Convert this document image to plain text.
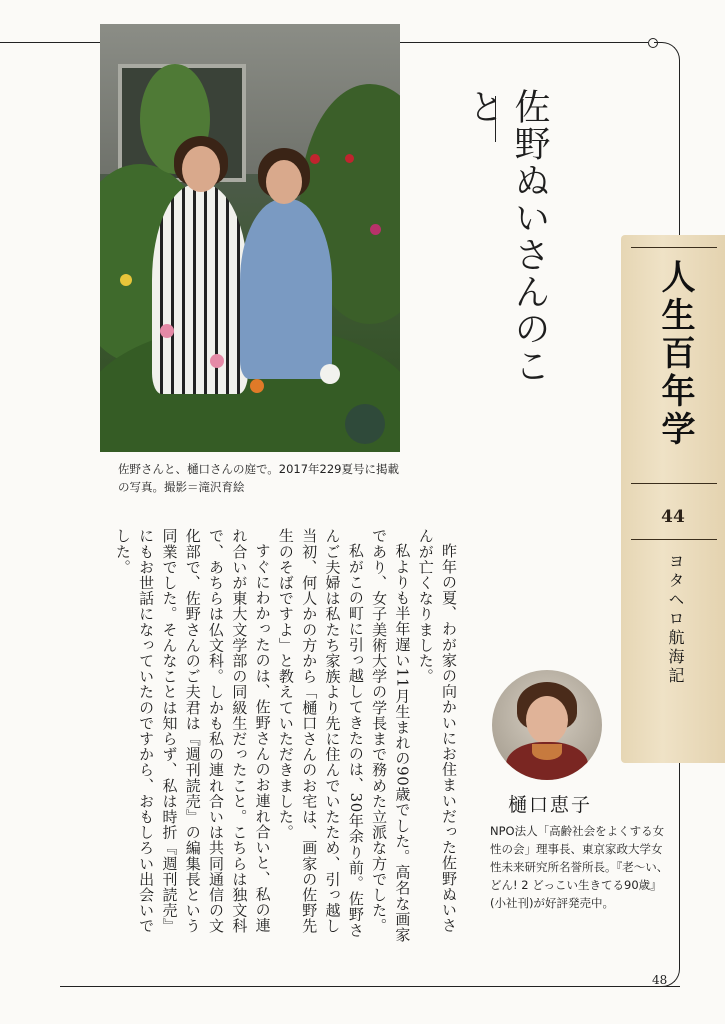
佐野さんと、樋口さんの庭で。2017年229夏号に掲載の写真。撮影＝滝沢育絵
佐野ぬいさんのこと
人生百年学
44
ヨタヘロ航海記
樋口恵子
NPO法人「高齢社会をよくする女性の会」理事長、東京家政大学女性未来研究所名誉所長。『老〜い、どん! 2 どっこい生きてる90歳』(小社刊)が好評発売中。

昨年の夏、わが家の向かいにお住まいだった佐野ぬいさんが亡くなりました。

私よりも半年遅い11月生まれの90歳でした。高名な画家であり、女子美術大学の学長まで務めた立派な方でした。

私がこの町に引っ越してきたのは、30年余り前。佐野さんご夫婦は私たち家族より先に住んでいたため、引っ越し当初、何人かの方から「樋口さんのお宅は、画家の佐野先生のそばですよ」と教えていただきました。

すぐにわかったのは、佐野さんのお連れ合いと、私の連れ合いが東大文学部の同級生だったこと。こちらは独文科で、あちらは仏文科。しかも私の連れ合いは共同通信の文化部で、佐野さんのご夫君は『週刊読売』の編集長という同業でした。そんなことは知らず、私は時折『週刊読売』にもお世話になっていたのですから、おもしろい出会いでした。

48
